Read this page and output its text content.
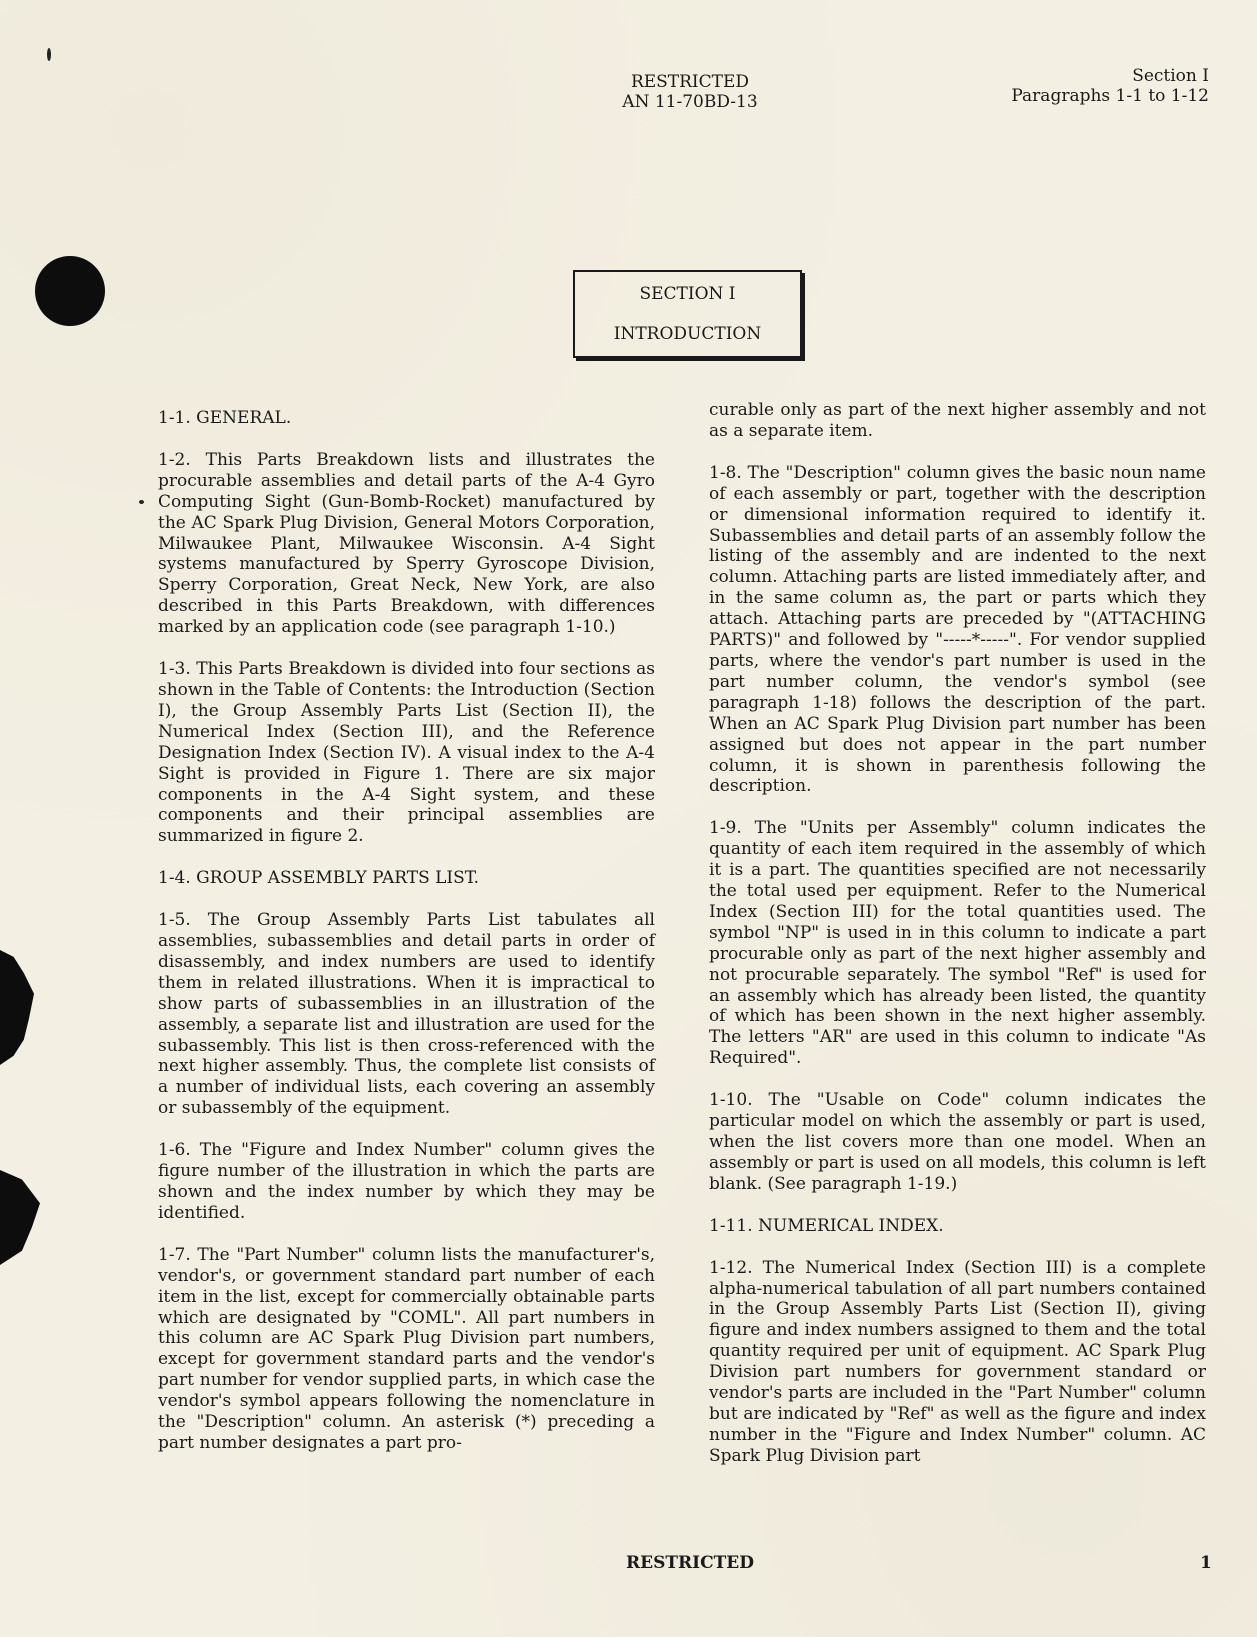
RESTRICTED
AN 11-70BD-13
Section I
Paragraphs 1-1 to 1-12
SECTION I
INTRODUCTION

1-1. GENERAL.

1-2. This Parts Breakdown lists and illustrates the procurable assemblies and detail parts of the A-4 Gyro Computing Sight (Gun-Bomb-Rocket) manufactured by the AC Spark Plug Division, General Motors Corporation, Milwaukee Plant, Milwaukee Wisconsin. A-4 Sight systems manufactured by Sperry Gyroscope Division, Sperry Corporation, Great Neck, New York, are also described in this Parts Breakdown, with differences marked by an application code (see paragraph 1-10.)

1-3. This Parts Breakdown is divided into four sections as shown in the Table of Contents: the Introduction (Section I), the Group Assembly Parts List (Section II), the Numerical Index (Section III), and the Reference Designation Index (Section IV). A visual index to the A-4 Sight is provided in Figure 1. There are six major components in the A-4 Sight system, and these components and their principal assemblies are summarized in figure 2.

1-4. GROUP ASSEMBLY PARTS LIST.

1-5. The Group Assembly Parts List tabulates all assemblies, subassemblies and detail parts in order of disassembly, and index numbers are used to identify them in related illustrations. When it is impractical to show parts of subassemblies in an illustration of the assembly, a separate list and illustration are used for the subassembly. This list is then cross-referenced with the next higher assembly. Thus, the complete list consists of a number of individual lists, each covering an assembly or subassembly of the equipment.

1-6. The "Figure and Index Number" column gives the figure number of the illustration in which the parts are shown and the index number by which they may be identified.

1-7. The "Part Number" column lists the manufacturer's, vendor's, or government standard part number of each item in the list, except for commercially obtainable parts which are designated by "COML". All part numbers in this column are AC Spark Plug Division part numbers, except for government standard parts and the vendor's part number for vendor supplied parts, in which case the vendor's symbol appears following the nomenclature in the "Description" column. An asterisk (*) preceding a part number designates a part pro-

curable only as part of the next higher assembly and not as a separate item.

1-8. The "Description" column gives the basic noun name of each assembly or part, together with the description or dimensional information required to identify it. Subassemblies and detail parts of an assembly follow the listing of the assembly and are indented to the next column. Attaching parts are listed immediately after, and in the same column as, the part or parts which they attach. Attaching parts are preceded by "(ATTACHING PARTS)" and followed by "-----*-----". For vendor supplied parts, where the vendor's part number is used in the part number column, the vendor's symbol (see paragraph 1-18) follows the description of the part. When an AC Spark Plug Division part number has been assigned but does not appear in the part number column, it is shown in parenthesis following the description.

1-9. The "Units per Assembly" column indicates the quantity of each item required in the assembly of which it is a part. The quantities specified are not necessarily the total used per equipment. Refer to the Numerical Index (Section III) for the total quantities used. The symbol "NP" is used in in this column to indicate a part procurable only as part of the next higher assembly and not procurable separately. The symbol "Ref" is used for an assembly which has already been listed, the quantity of which has been shown in the next higher assembly. The letters "AR" are used in this column to indicate "As Required".

1-10. The "Usable on Code" column indicates the particular model on which the assembly or part is used, when the list covers more than one model. When an assembly or part is used on all models, this column is left blank. (See paragraph 1-19.)

1-11. NUMERICAL INDEX.

1-12. The Numerical Index (Section III) is a complete alpha-numerical tabulation of all part numbers contained in the Group Assembly Parts List (Section II), giving figure and index numbers assigned to them and the total quantity required per unit of equipment. AC Spark Plug Division part numbers for government standard or vendor's parts are included in the "Part Number" column but are indicated by "Ref" as well as the figure and index number in the "Figure and Index Number" column. AC Spark Plug Division part

RESTRICTED	1
